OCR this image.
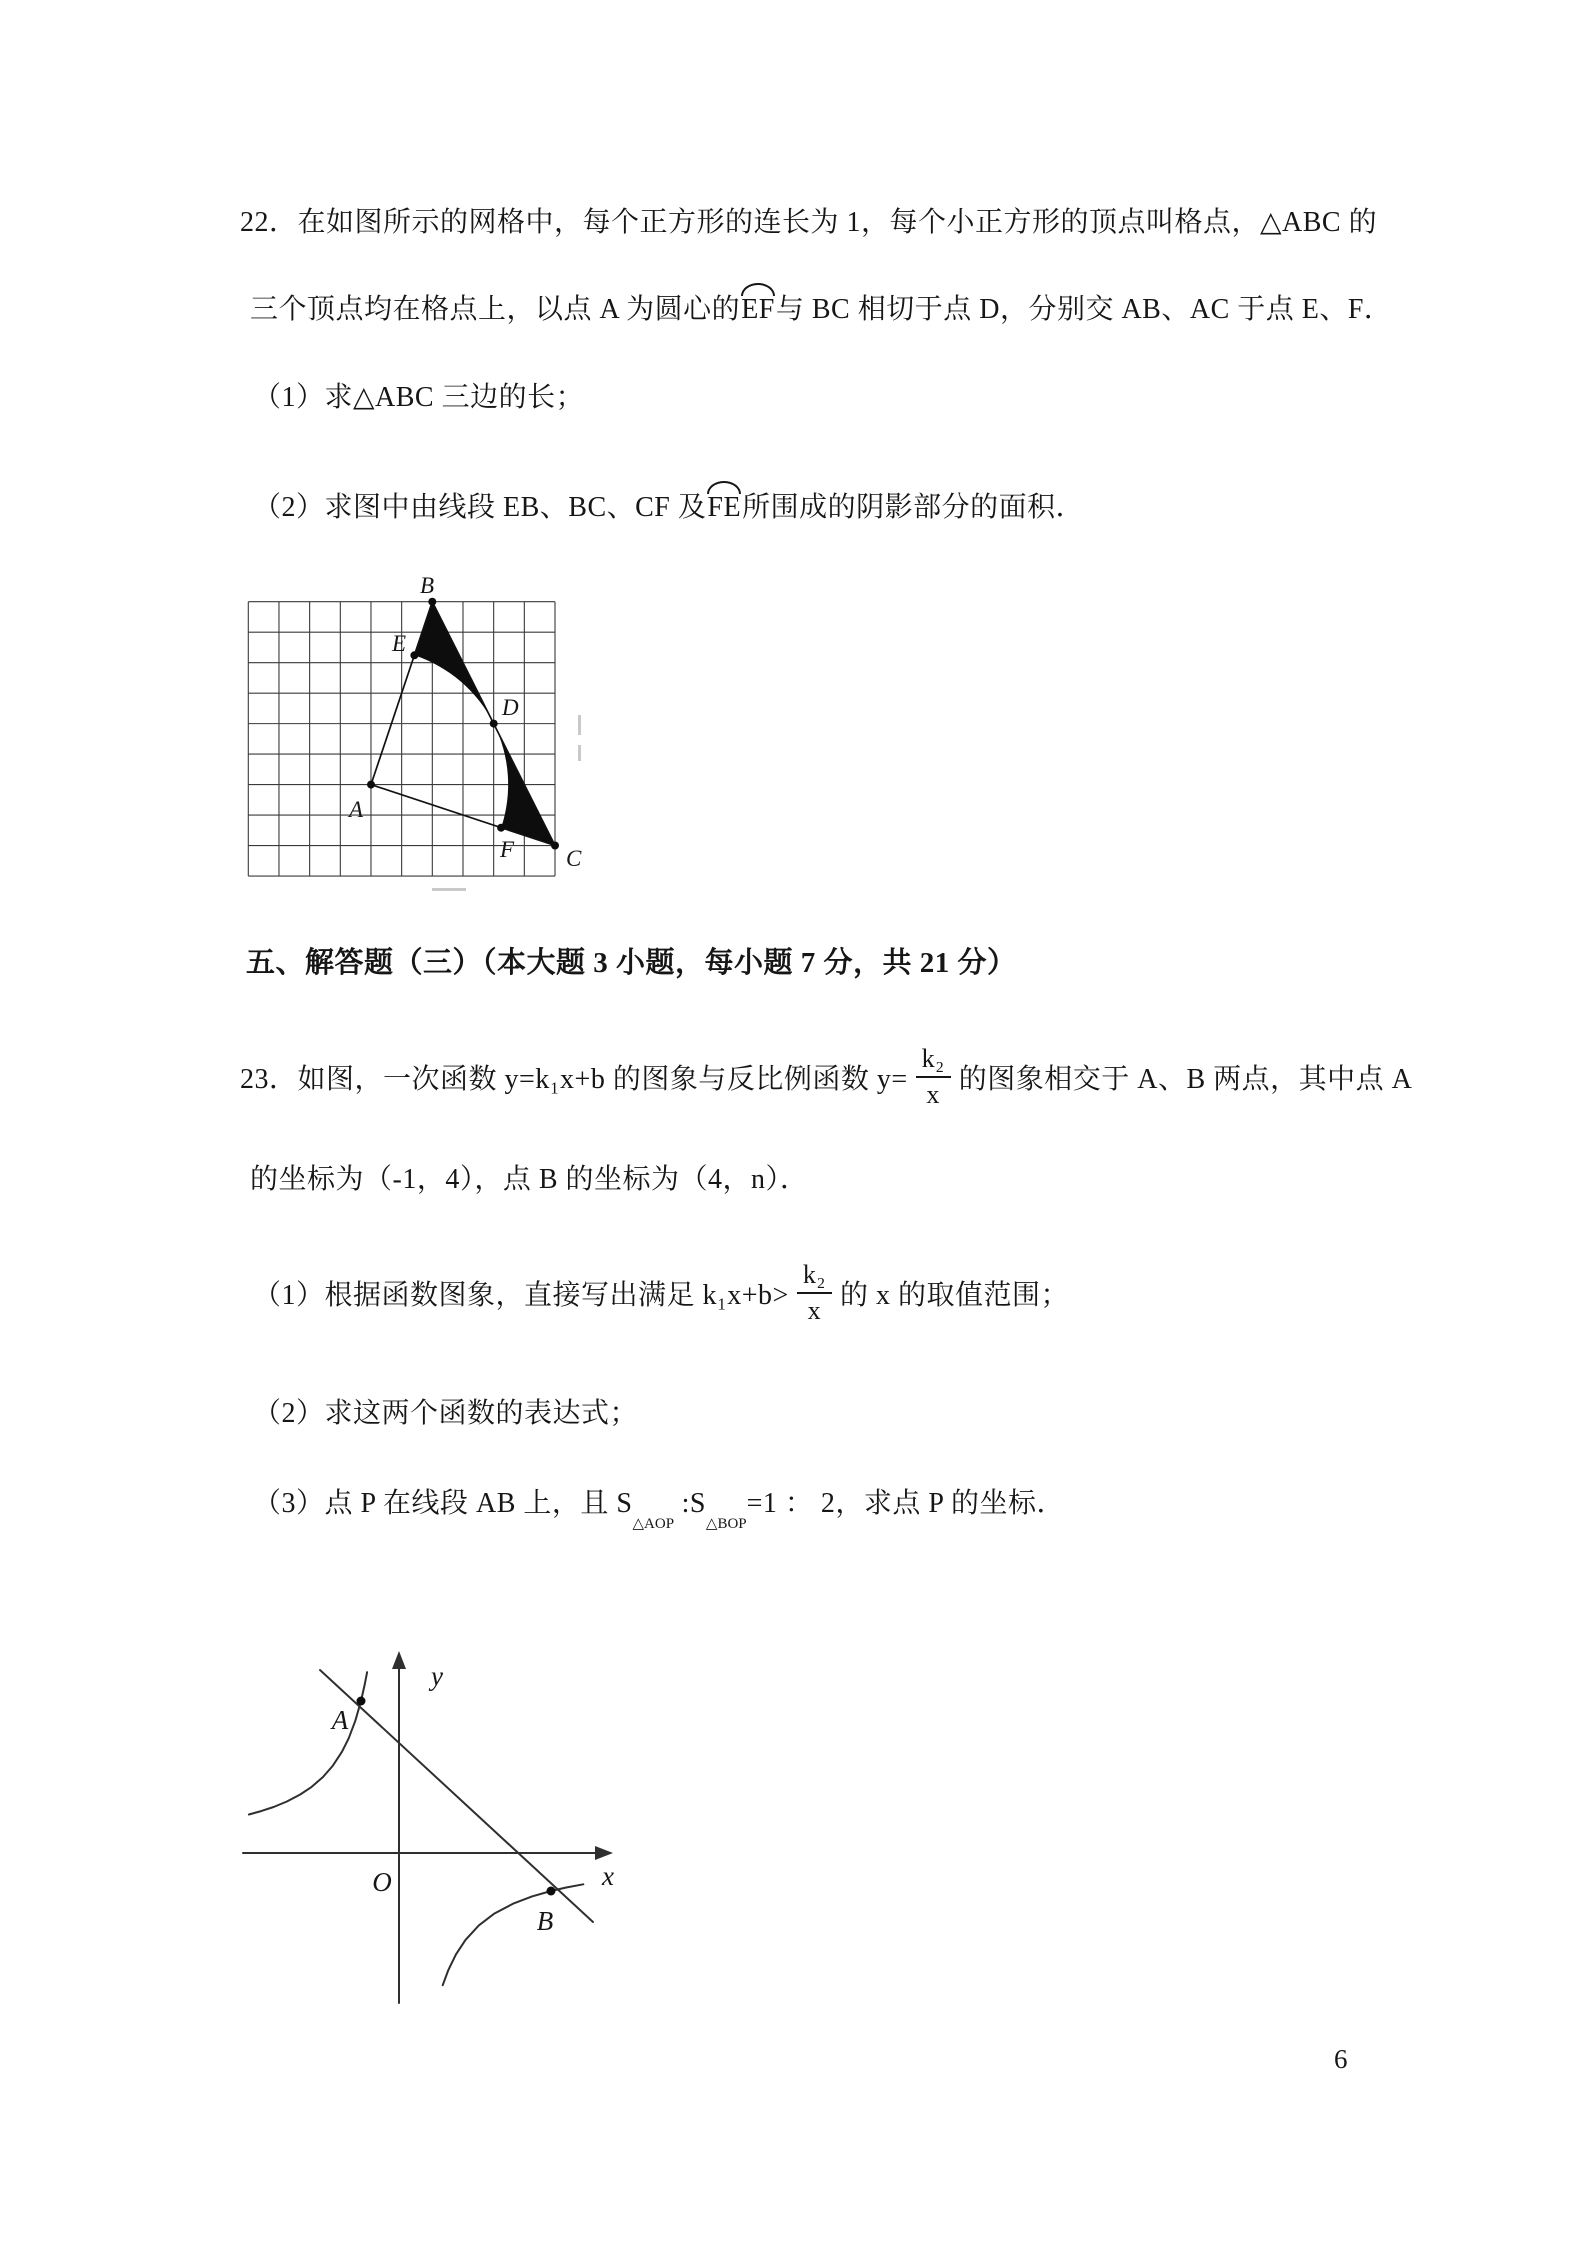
22．在如图所示的网格中，每个正方形的连长为 1，每个小正方形的顶点叫格点，△ABC 的
三个顶点均在格点上，以点 A 为圆心的EF与 BC 相切于点 D，分别交 AB、AC 于点 E、F．
（1）求△ABC 三边的长；
（2）求图中由线段 EB、BC、CF 及FE所围成的阴影部分的面积．
B
E
D
A
F C
五、解答题（三）（本大题 3 小题，每小题 7 分，共 21 分）
23．如图，一次函数 y=k₁x+b 的图象与反比例函数 $y= \frac{\text{k₂}}{x}$ 的图象相交于 A、B 两点，其中点 A
的坐标为（-1，4），点 B 的坐标为（4，n）．
（1）根据函数图象，直接写出满足 $k_1x+b> \frac{\text{k₂}}{x}$ 的 x 的取值范围；
（2）求这两个函数的表达式；
（3）点 P 在线段 AB 上，且 $S_{\triangle AOP}$ $:S_{\triangle BOP}=1$ ： 2，求点 P 的坐标．
y
x
O
A
B
6
